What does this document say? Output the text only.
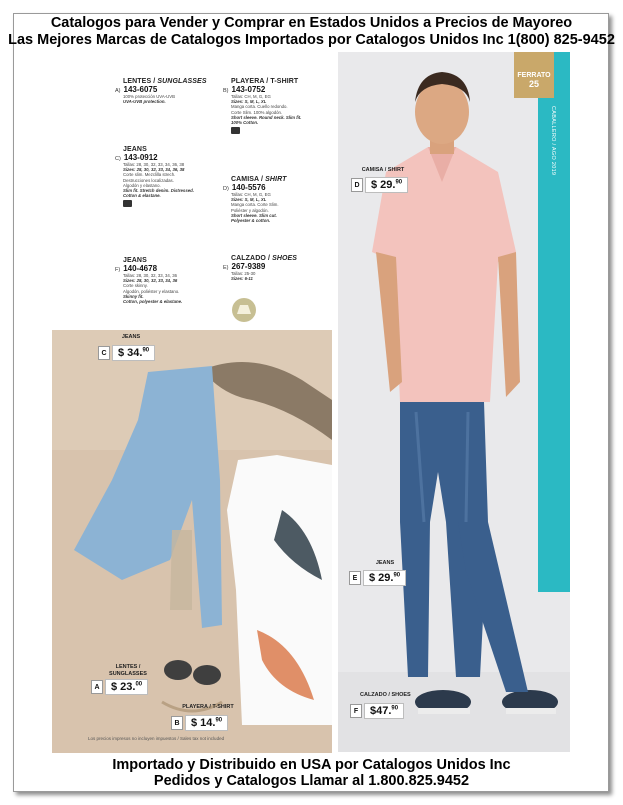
Catalogos para Vender y Comprar en Estados Unidos a Precios de Mayoreo
Las Mejores Marcas de Catalogos Importados por Catalogos Unidos Inc 1(800) 825-9452
FERRATO
25
CABALLERO / AGO 2019
Los precios impresos no incluyen impuestos / Sales tax not included
LENTES / SUNGLASSES
A) 143-6075
100% protección UVA-UVB
UVA-UVB protection.
JEANS
C) 143-0912
Tallas: 28, 30, 32, 33, 34, 36, 38
Sizes: 28, 30, 32, 33, 34, 36, 38
Corte slim. Mezclilla strech.
Destrucciones localizadas.
Algodón y elastano.
Slim fit. Stretch denim. Distressed.
Cotton & elastane.
JEANS
F) 140-4678
Tallas: 28, 30, 32, 33, 34, 36
Sizes: 28, 30, 32, 33, 34, 36
Corte skinny.
Algodón, poliéster y elastano.
Skinny fit.
Cotton, polyester & elastane.
PLAYERA / T-SHIRT
B) 143-0752
Tallas: CH, M, G, EG
Sizes: S, M, L, XL
Manga corta. Cuello redondo.
Corte Slim. 100% algodón.
Short sleeve. Round neck. Slim fit.
100% Cotton.
CAMISA / SHIRT
D) 140-5576
Tallas: CH, M, G, EG
Sizes: S, M, L, XL
Manga corta. Corte Slim.
Poliéster y algodón.
Short sleeve. Slim cut.
Polyester & cotton.
CALZADO / SHOES
E) 267-9389
Tallas: 25-30
Sizes: 6-11
JEANS
C	$ 34.90
LENTES /
SUNGLASSES
A	$ 23.00
PLAYERA / T-SHIRT
B	$ 14.90
CAMISA / SHIRT
D	$ 29.90
JEANS
E	$ 29.90
CALZADO / SHOES
F	$47.90
Importado y Distribuido en USA por Catalogos Unidos Inc
Pedidos y Catalogos Llamar al 1.800.825.9452
